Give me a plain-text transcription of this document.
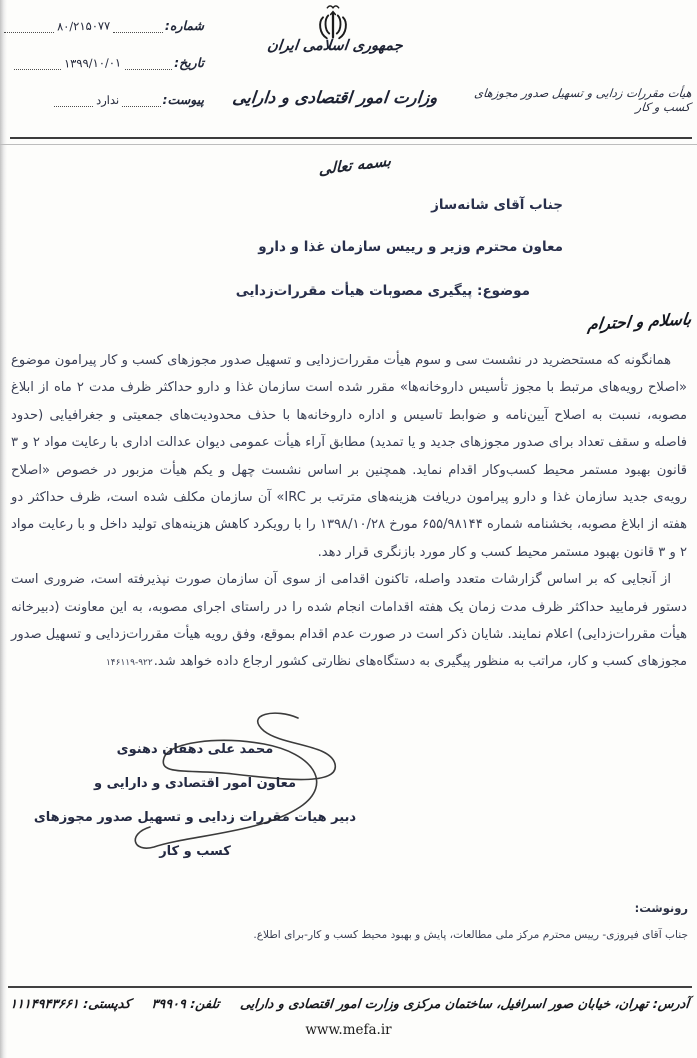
شماره:
۸۰/۲۱۵۰۷۷
تاریخ:
۱۳۹۹/۱۰/۰۱
پیوست:
ندارد
جمهوری اسلامی ایران
وزارت امور اقتصادی و دارایی	هیأت مقررات زدایی و تسهیل صدور مجوزهای کسب و کار
بسمه تعالی
جناب آقای شانه‌ساز
معاون محترم وزیر و رییس سازمان غذا و دارو
موضوع: پیگیری مصوبات هیأت مقررات‌زدایی
باسلام و احترام

همانگونه که مستحضرید در نشست سی و سوم هیأت مقررات‌زدایی و تسهیل صدور مجوزهای کسب و کار پیرامون موضوع «اصلاح رویه‌های مرتبط با مجوز تأسیس داروخانه‌ها» مقرر شده است سازمان غذا و دارو حداکثر ظرف مدت ۲ ماه از ابلاغ مصوبه، نسبت به اصلاح آیین‌نامه و ضوابط تاسیس و اداره داروخانه‌ها با حذف محدودیت‌های جمعیتی و جغرافیایی (حدود فاصله و سقف تعداد برای صدور مجوزهای جدید و یا تمدید) مطابق آراء هیأت عمومی دیوان عدالت اداری با رعایت مواد ۲ و ۳ قانون بهبود مستمر محیط کسب‌وکار اقدام نماید. همچنین بر اساس نشست چهل و یکم هیأت مزبور در خصوص «اصلاح رویه‌ی جدید سازمان غذا و دارو پیرامون دریافت هزینه‌های مترتب بر IRC» آن سازمان مکلف شده است، ظرف حداکثر دو هفته از ابلاغ مصوبه، بخشنامه شماره ۶۵۵/۹۸۱۴۴ مورخ ۱۳۹۸/۱۰/۲۸ را با رویکرد کاهش هزینه‌های تولید داخل و با رعایت مواد ۲ و ۳ قانون بهبود مستمر محیط کسب و کار مورد بازنگری قرار دهد.

از آنجایی که بر اساس گزارشات متعدد واصله، تاکنون اقدامی از سوی آن سازمان صورت نپذیرفته است، ضروری است دستور فرمایید حداکثر ظرف مدت زمان یک هفته اقدامات انجام شده را در راستای اجرای مصوبه، به این معاونت (دبیرخانه هیأت مقررات‌زدایی) اعلام نمایند. شایان ذکر است در صورت عدم اقدام بموقع، وفق رویه هیأت مقررات‌زدایی و تسهیل صدور مجوزهای کسب و کار، مراتب به منظور پیگیری به دستگاه‌های نظارتی کشور ارجاع داده خواهد شد.۹۲۲-۱۴۶۱۱۹

محمد علی دهقان دهنوی
معاون امور اقتصادی و دارایی و
دبیر هیات مقررات زدایی و تسهیل صدور مجوزهای کسب و کار
رونوشت:
جناب آقای فیروزی- رییس محترم مرکز ملی مطالعات، پایش و بهبود محیط کسب و کار-برای اطلاع.
آدرس: تهران، خیابان صور اسرافیل، ساختمان مرکزی وزارت امور اقتصادی و دارایی
تلفن: ۳۹۹۰۹
کدپستی: ۱۱۱۴۹۴۳۶۶۱
www.mefa.ir
